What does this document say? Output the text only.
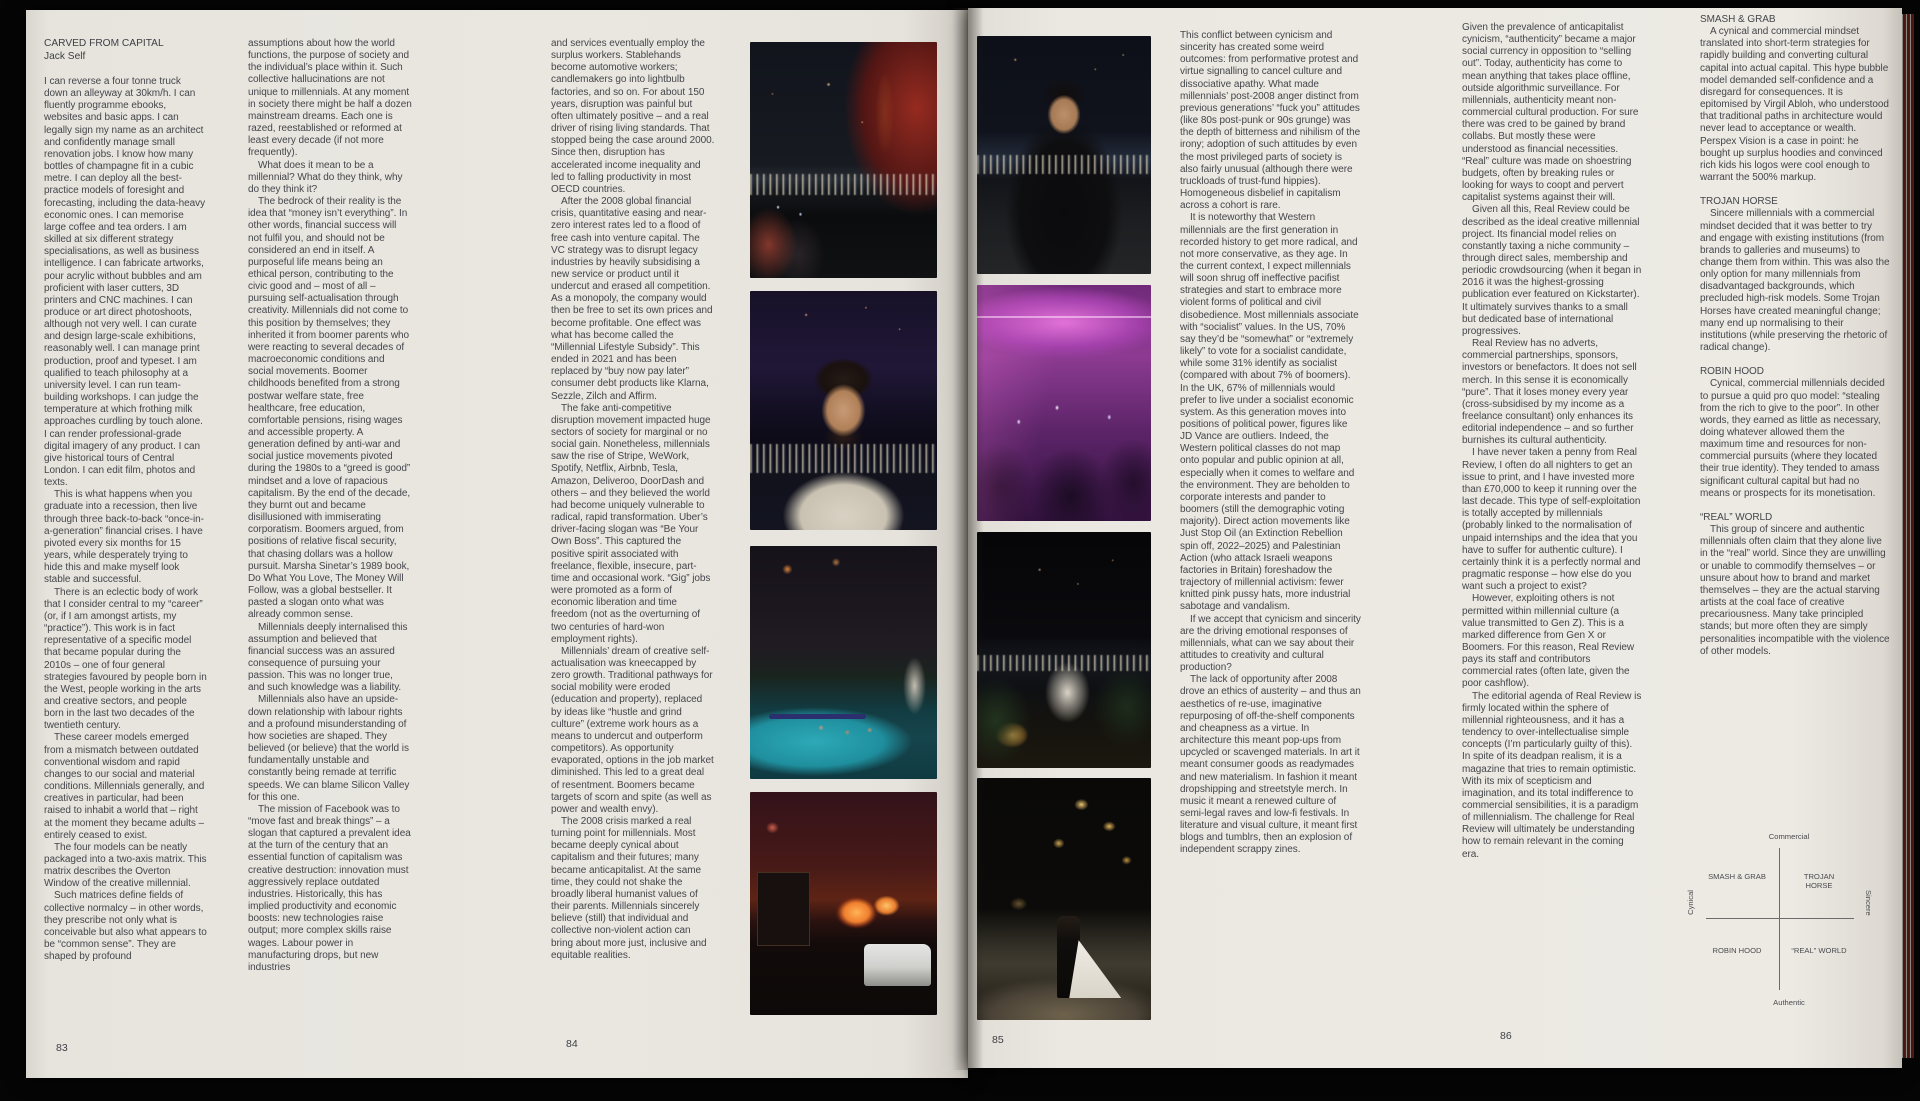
CARVED FROM CAPITAL
Jack Self

I can reverse a four tonne truck down an alleyway at 30km/h. I can fluently programme ebooks, websites and basic apps. I can legally sign my name as an architect and confidently manage small renovation jobs. I know how many bottles of champagne fit in a cubic metre. I can deploy all the best-practice models of foresight and forecasting, including the data-heavy economic ones. I can memorise large coffee and tea orders. I am skilled at six different strategy specialisations, as well as business intelligence. I can fabricate artworks, pour acrylic without bubbles and am proficient with laser cutters, 3D printers and CNC machines. I can produce or art direct photoshoots, although not very well. I can curate and design large-scale exhibitions, reasonably well. I can manage print production, proof and typeset. I am qualified to teach philosophy at a university level. I can run team-building workshops. I can judge the temperature at which frothing milk approaches curdling by touch alone. I can render professional-grade digital imagery of any product. I can give historical tours of Central London. I can edit film, photos and texts.

This is what happens when you graduate into a recession, then live through three back-to-back “once-in-a-generation” financial crises. I have pivoted every six months for 15 years, while desperately trying to hide this and make myself look stable and successful.

There is an eclectic body of work that I consider central to my “career” (or, if I am amongst artists, my “practice”). This work is in fact representative of a specific model that became popular during the 2010s – one of four general strategies favoured by people born in the West, people working in the arts and creative sectors, and people born in the last two decades of the twentieth century.

These career models emerged from a mismatch between outdated conventional wisdom and rapid changes to our social and material conditions. Millennials generally, and creatives in particular, had been raised to inhabit a world that – right at the moment they became adults – entirely ceased to exist.

The four models can be neatly packaged into a two-axis matrix. This matrix describes the Overton Window of the creative millennial.

Such matrices define fields of collective normalcy – in other words, they prescribe not only what is conceivable but also what appears to be “common sense”. They are shaped by profound

assumptions about how the world functions, the purpose of society and the individual’s place within it. Such collective hallucinations are not unique to millennials. At any moment in society there might be half a dozen mainstream dreams. Each one is razed, reestablished or reformed at least every decade (if not more frequently).

What does it mean to be a millennial? What do they think, why do they think it?

The bedrock of their reality is the idea that “money isn’t everything”. In other words, financial success will not fulfil you, and should not be considered an end in itself. A purposeful life means being an ethical person, contributing to the civic good and – most of all – pursuing self-actualisation through creativity. Millennials did not come to this position by themselves; they inherited it from boomer parents who were reacting to several decades of macroeconomic conditions and social movements. Boomer childhoods benefited from a strong postwar welfare state, free healthcare, free education, comfortable pensions, rising wages and accessible property. A generation defined by anti-war and social justice movements pivoted during the 1980s to a “greed is good” mindset and a love of rapacious capitalism. By the end of the decade, they burnt out and became disillusioned with immiserating corporatism. Boomers argued, from positions of relative fiscal security, that chasing dollars was a hollow pursuit. Marsha Sinetar’s 1989 book, Do What You Love, The Money Will Follow, was a global bestseller. It pasted a slogan onto what was already common sense.

Millennials deeply internalised this assumption and believed that financial success was an assured consequence of pursuing your passion. This was no longer true, and such knowledge was a liability.

Millennials also have an upside-down relationship with labour rights and a profound misunderstanding of how societies are shaped. They believed (or believe) that the world is fundamentally unstable and constantly being remade at terrific speeds. We can blame Silicon Valley for this one.

The mission of Facebook was to “move fast and break things” – a slogan that captured a prevalent idea at the turn of the century that an essential function of capitalism was creative destruction: innovation must aggressively replace outdated industries. Historically, this has implied productivity and economic boosts: new technologies raise output; more complex skills raise wages. Labour power in manufacturing drops, but new industries

and services eventually employ the surplus workers. Stablehands become automotive workers; candlemakers go into lightbulb factories, and so on. For about 150 years, disruption was painful but often ultimately positive – and a real driver of rising living standards. That stopped being the case around 2000. Since then, disruption has accelerated income inequality and led to falling productivity in most OECD countries.

After the 2008 global financial crisis, quantitative easing and near-zero interest rates led to a flood of free cash into venture capital. The VC strategy was to disrupt legacy industries by heavily subsidising a new service or product until it undercut and erased all competition. As a monopoly, the company would then be free to set its own prices and become profitable. One effect was what has become called the “Millennial Lifestyle Subsidy”. This ended in 2021 and has been replaced by “buy now pay later” consumer debt products like Klarna, Sezzle, Zilch and Affirm.

The fake anti-competitive disruption movement impacted huge sectors of society for marginal or no social gain. Nonetheless, millennials saw the rise of Stripe, WeWork, Spotify, Netflix, Airbnb, Tesla, Amazon, Deliveroo, DoorDash and others – and they believed the world had become uniquely vulnerable to radical, rapid transformation. Uber’s driver-facing slogan was “Be Your Own Boss”. This captured the positive spirit associated with freelance, flexible, insecure, part-time and occasional work. “Gig” jobs were promoted as a form of economic liberation and time freedom (not as the overturning of two centuries of hard-won employment rights).

Millennials’ dream of creative self-actualisation was kneecapped by zero growth. Traditional pathways for social mobility were eroded (education and property), replaced by ideas like “hustle and grind culture” (extreme work hours as a means to undercut and outperform competitors). As opportunity evaporated, options in the job market diminished. This led to a great deal of resentment. Boomers became targets of scorn and spite (as well as power and wealth envy).

The 2008 crisis marked a real turning point for millennials. Most became deeply cynical about capitalism and their futures; many became anticapitalist. At the same time, they could not shake the broadly liberal humanist values of their parents. Millennials sincerely believe (still) that individual and collective non-violent action can bring about more just, inclusive and equitable realities.

83	84

This conflict between cynicism and sincerity has created some weird outcomes: from performative protest and virtue signalling to cancel culture and dissociative apathy. What made millennials’ post-2008 anger distinct from previous generations’ “fuck you” attitudes (like 80s post-punk or 90s grunge) was the depth of bitterness and nihilism of the irony; adoption of such attitudes by even the most privileged parts of society is also fairly unusual (although there were truckloads of trust-fund hippies). Homogeneous disbelief in capitalism across a cohort is rare.

It is noteworthy that Western millennials are the first generation in recorded history to get more radical, and not more conservative, as they age. In the current context, I expect millennials will soon shrug off ineffective pacifist strategies and start to embrace more violent forms of political and civil disobedience. Most millennials associate with “socialist” values. In the US, 70% say they’d be “somewhat” or “extremely likely” to vote for a socialist candidate, while some 31% identify as socialist (compared with about 7% of boomers). In the UK, 67% of millennials would prefer to live under a socialist economic system. As this generation moves into positions of political power, figures like JD Vance are outliers. Indeed, the Western political classes do not map onto popular and public opinion at all, especially when it comes to welfare and the environment. They are beholden to corporate interests and pander to boomers (still the demographic voting majority). Direct action movements like Just Stop Oil (an Extinction Rebellion spin off, 2022–2025) and Palestinian Action (who attack Israeli weapons factories in Britain) foreshadow the trajectory of millennial activism: fewer knitted pink pussy hats, more industrial sabotage and vandalism.

If we accept that cynicism and sincerity are the driving emotional responses of millennials, what can we say about their attitudes to creativity and cultural production?

The lack of opportunity after 2008 drove an ethics of austerity – and thus an aesthetics of re-use, imaginative repurposing of off-the-shelf components and cheapness as a virtue. In architecture this meant pop-ups from upcycled or scavenged materials. In art it meant consumer goods as readymades and new materialism. In fashion it meant dropshipping and streetstyle merch. In music it meant a renewed culture of semi-legal raves and low-fi festivals. In literature and visual culture, it meant first blogs and tumblrs, then an explosion of independent scrappy zines.

Given the prevalence of anticapitalist cynicism, “authenticity” became a major social currency in opposition to “selling out”. Today, authenticity has come to mean anything that takes place offline, outside algorithmic surveillance. For millennials, authenticity meant non-commercial cultural production. For sure there was cred to be gained by brand collabs. But mostly these were understood as financial necessities. “Real” culture was made on shoestring budgets, often by breaking rules or looking for ways to coopt and pervert capitalist systems against their will.

Given all this, Real Review could be described as the ideal creative millennial project. Its financial model relies on constantly taxing a niche community – through direct sales, membership and periodic crowdsourcing (when it began in 2016 it was the highest-grossing publication ever featured on Kickstarter). It ultimately survives thanks to a small but dedicated base of international progressives.

Real Review has no adverts, commercial partnerships, sponsors, investors or benefactors. It does not sell merch. In this sense it is economically “pure”. That it loses money every year (cross-subsidised by my income as a freelance consultant) only enhances its editorial independence – and so further burnishes its cultural authenticity.

I have never taken a penny from Real Review, I often do all nighters to get an issue to print, and I have invested more than £70,000 to keep it running over the last decade. This type of self-exploitation is totally accepted by millennials (probably linked to the normalisation of unpaid internships and the idea that you have to suffer for authentic culture). I certainly think it is a perfectly normal and pragmatic response – how else do you want such a project to exist?

However, exploiting others is not permitted within millennial culture (a value transmitted to Gen Z). This is a marked difference from Gen X or Boomers. For this reason, Real Review pays its staff and contributors commercial rates (often late, given the poor cashflow).

The editorial agenda of Real Review is firmly located within the sphere of millennial righteousness, and it has a tendency to over-intellectualise simple concepts (I’m particularly guilty of this). In spite of its deadpan realism, it is a magazine that tries to remain optimistic. With its mix of scepticism and imagination, and its total indifference to commercial sensibilities, it is a paradigm of millennialism. The challenge for Real Review will ultimately be understanding how to remain relevant in the coming era.

SMASH & GRAB

A cynical and commercial mindset translated into short-term strategies for rapidly building and converting cultural capital into actual capital. This hype bubble model demanded self-confidence and a disregard for consequences. It is epitomised by Virgil Abloh, who understood that traditional paths in architecture would never lead to acceptance or wealth. Perspex Vision is a case in point: he bought up surplus hoodies and convinced rich kids his logos were cool enough to warrant the 500% markup.

TROJAN HORSE

Sincere millennials with a commercial mindset decided that it was better to try and engage with existing institutions (from brands to galleries and museums) to change them from within. This was also the only option for many millennials from disadvantaged backgrounds, which precluded high-risk models. Some Trojan Horses have created meaningful change; many end up normalising to their institutions (while preserving the rhetoric of radical change).

ROBIN HOOD

Cynical, commercial millennials decided to pursue a quid pro quo model: “stealing from the rich to give to the poor”. In other words, they earned as little as necessary, doing whatever allowed them the maximum time and resources for non-commercial pursuits (where they located their true identity). They tended to amass significant cultural capital but had no means or prospects for its monetisation.

“REAL” WORLD

This group of sincere and authentic millennials often claim that they alone live in the “real” world. Since they are unwilling or unable to commodify themselves – or unsure about how to brand and market themselves – they are the actual starving artists at the coal face of creative precariousness. Many take principled stands; but more often they are simply personalities incompatible with the violence of other models.

Commercial
Authentic
Cynical	Sincere
SMASH & GRAB	TROJAN HORSE
ROBIN HOOD	“REAL” WORLD
85	86
